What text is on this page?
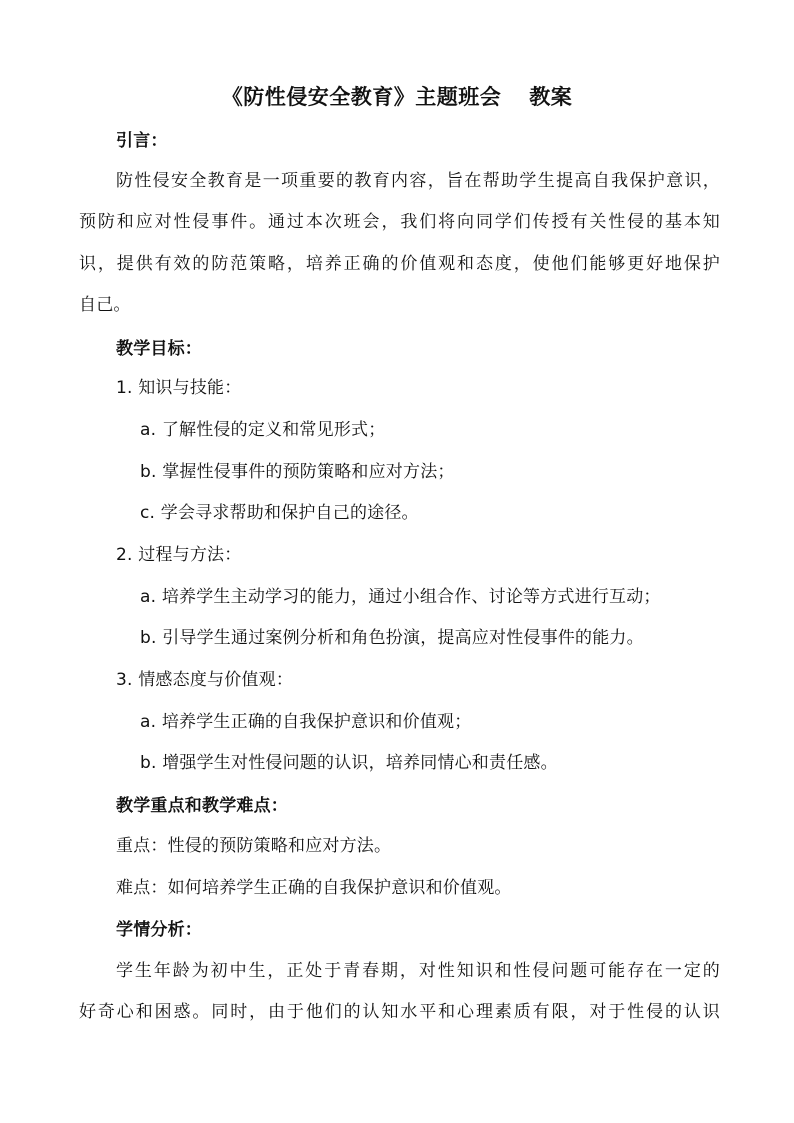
《防性侵安全教育》主题班会 教案
引言：
防性侵安全教育是一项重要的教育内容，旨在帮助学生提高自我保护意识，
预防和应对性侵事件。通过本次班会，我们将向同学们传授有关性侵的基本知
识，提供有效的防范策略，培养正确的价值观和态度，使他们能够更好地保护
自己。
教学目标：
1. 知识与技能：
a. 了解性侵的定义和常见形式；
b. 掌握性侵事件的预防策略和应对方法；
c. 学会寻求帮助和保护自己的途径。
2. 过程与方法：
a. 培养学生主动学习的能力，通过小组合作、讨论等方式进行互动；
b. 引导学生通过案例分析和角色扮演，提高应对性侵事件的能力。
3. 情感态度与价值观：
a. 培养学生正确的自我保护意识和价值观；
b. 增强学生对性侵问题的认识，培养同情心和责任感。
教学重点和教学难点：
重点：性侵的预防策略和应对方法。
难点：如何培养学生正确的自我保护意识和价值观。
学情分析：
学生年龄为初中生，正处于青春期，对性知识和性侵问题可能存在一定的
好奇心和困惑。同时，由于他们的认知水平和心理素质有限，对于性侵的认识
